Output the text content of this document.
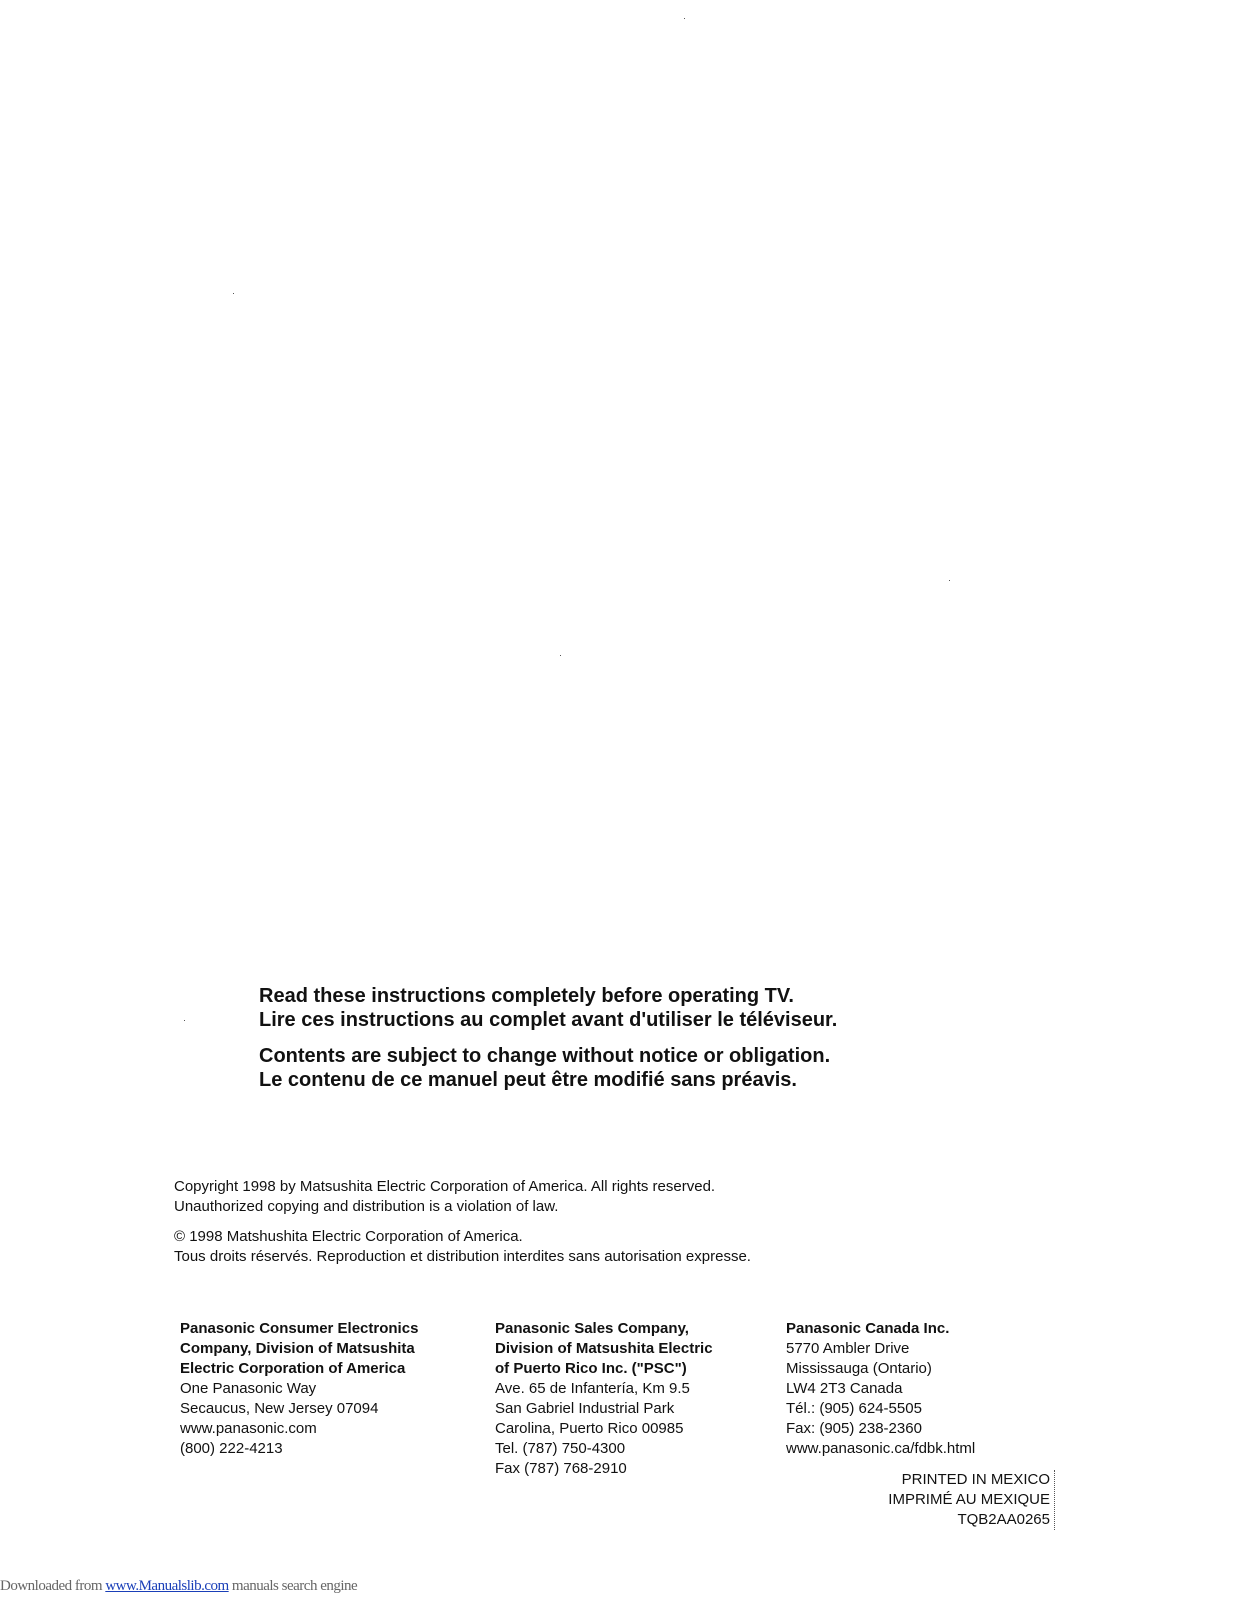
Read these instructions completely before operating TV.
Lire ces instructions au complet avant d'utiliser le téléviseur.
Contents are subject to change without notice or obligation.
Le contenu de ce manuel peut être modifié sans préavis.
Copyright 1998 by Matsushita Electric Corporation of America. All rights reserved.
Unauthorized copying and distribution is a violation of law.
© 1998 Matshushita Electric Corporation of America.
Tous droits réservés. Reproduction et distribution interdites sans autorisation expresse.
Panasonic Consumer Electronics
Company, Division of Matsushita
Electric Corporation of America
One Panasonic Way
Secaucus, New Jersey 07094
www.panasonic.com
(800) 222-4213
Panasonic Sales Company,
Division of Matsushita Electric
of Puerto Rico Inc. ("PSC")
Ave. 65 de Infantería, Km 9.5
San Gabriel Industrial Park
Carolina, Puerto Rico 00985
Tel. (787) 750-4300
Fax (787) 768-2910
Panasonic Canada Inc.
5770 Ambler Drive
Mississauga (Ontario)
LW4 2T3 Canada
Tél.: (905) 624-5505
Fax: (905) 238-2360
www.panasonic.ca/fdbk.html
PRINTED IN MEXICO
IMPRIMÉ AU MEXIQUE
TQB2AA0265
Downloaded from www.Manualslib.com manuals search engine
